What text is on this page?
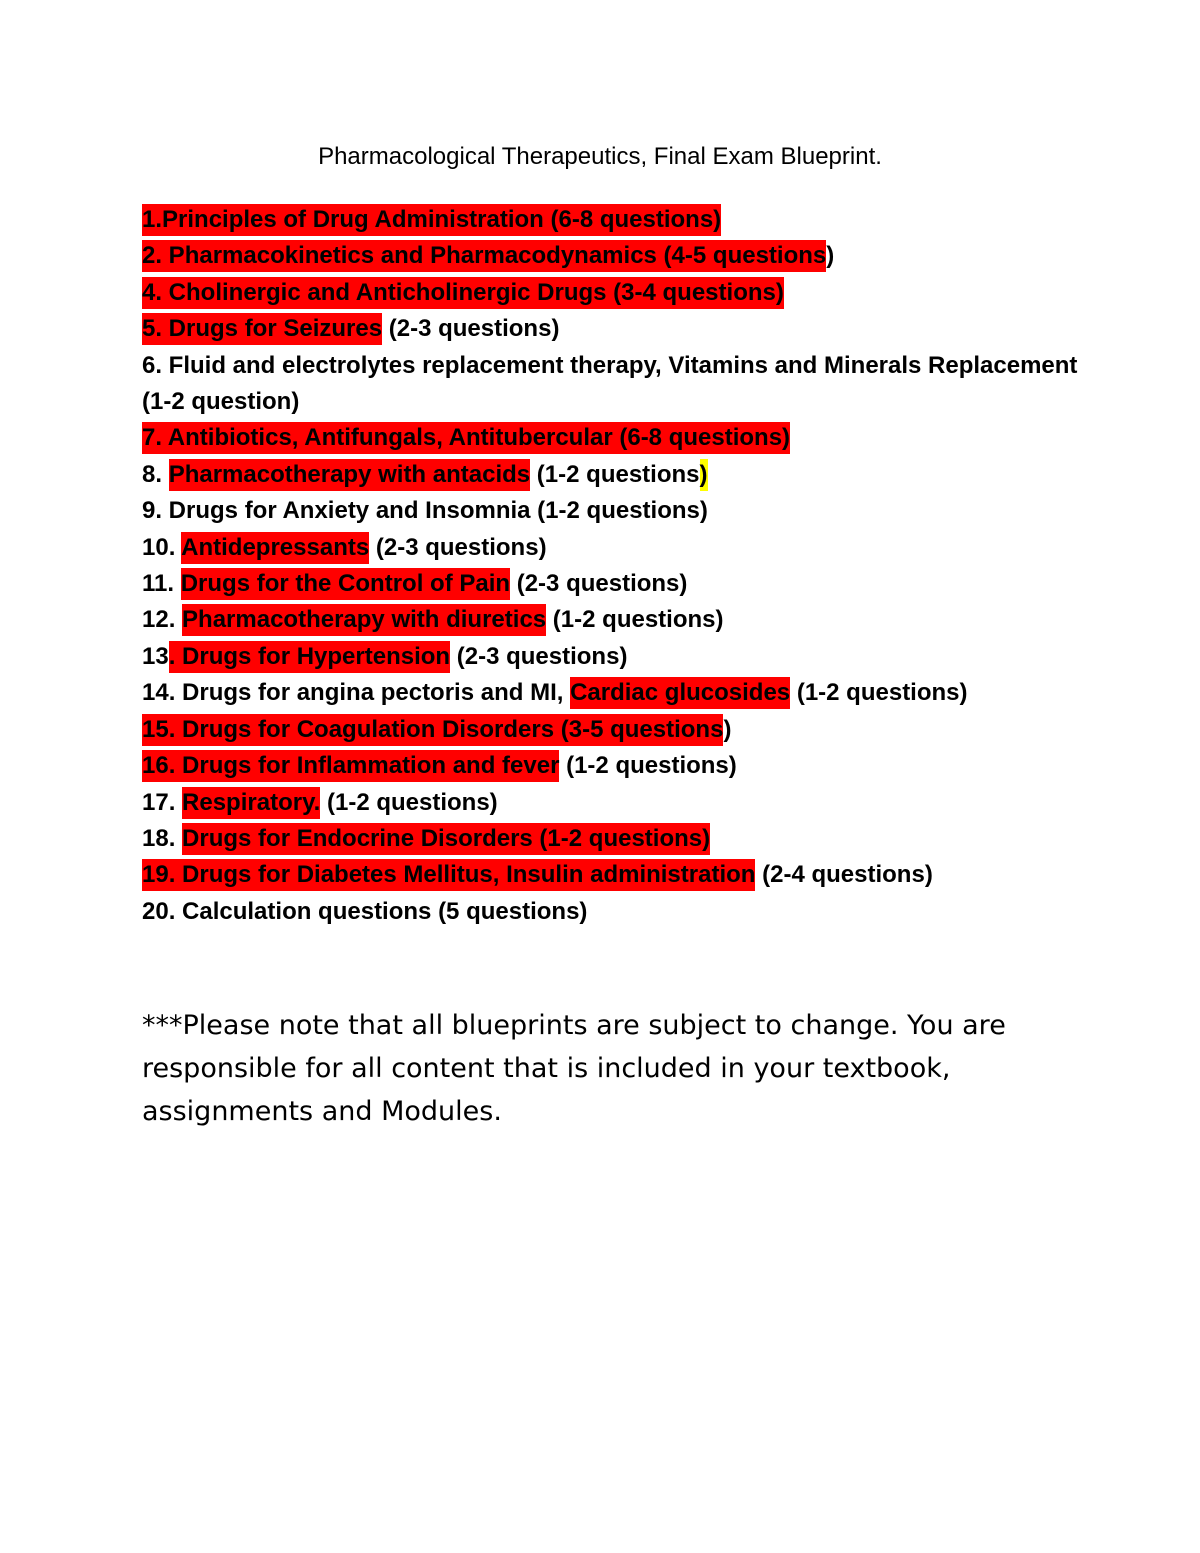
Pharmacological Therapeutics, Final Exam Blueprint.
1.Principles of Drug Administration (6-8 questions)
2. Pharmacokinetics and Pharmacodynamics (4-5 questions)
4. Cholinergic and Anticholinergic Drugs (3-4 questions)
5. Drugs for Seizures (2-3 questions)
6. Fluid and electrolytes replacement therapy, Vitamins and Minerals Replacement (1-2 question)
7. Antibiotics, Antifungals, Antitubercular (6-8 questions)
8. Pharmacotherapy with antacids (1-2 questions)
9. Drugs for Anxiety and Insomnia (1-2 questions)
10. Antidepressants (2-3 questions)
11. Drugs for the Control of Pain (2-3 questions)
12. Pharmacotherapy with diuretics (1-2 questions)
13. Drugs for Hypertension (2-3 questions)
14. Drugs for angina pectoris and MI, Cardiac glucosides (1-2 questions)
15. Drugs for Coagulation Disorders (3-5 questions)
16. Drugs for Inflammation and fever (1-2 questions)
17. Respiratory. (1-2 questions)
18. Drugs for Endocrine Disorders (1-2 questions)
19. Drugs for Diabetes Mellitus, Insulin administration (2-4 questions)
20. Calculation questions (5 questions)

***Please note that all blueprints are subject to change. You are responsible for all content that is included in your textbook, assignments and Modules.
